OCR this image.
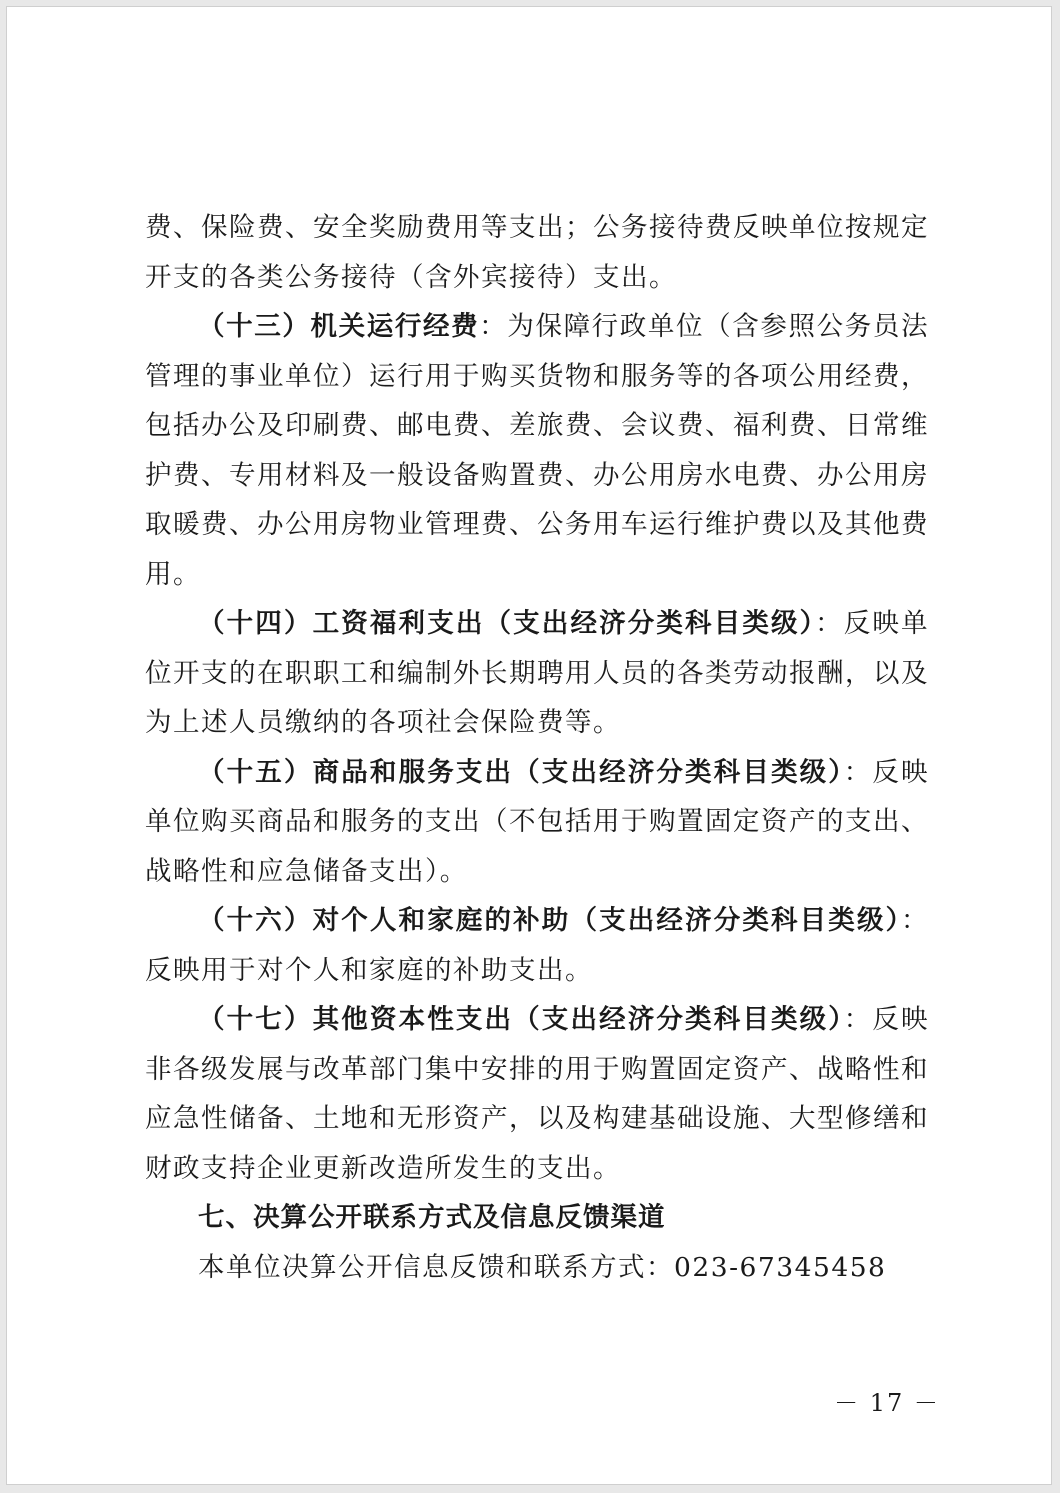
费、保险费、安全奖励费用等支出；公务接待费反映单位按规定开支的各类公务接待（含外宾接待）支出。

（十三）机关运行经费：为保障行政单位（含参照公务员法管理的事业单位）运行用于购买货物和服务等的各项公用经费，包括办公及印刷费、邮电费、差旅费、会议费、福利费、日常维护费、专用材料及一般设备购置费、办公用房水电费、办公用房取暖费、办公用房物业管理费、公务用车运行维护费以及其他费用。

（十四）工资福利支出（支出经济分类科目类级）：反映单位开支的在职职工和编制外长期聘用人员的各类劳动报酬，以及为上述人员缴纳的各项社会保险费等。

（十五）商品和服务支出（支出经济分类科目类级）：反映单位购买商品和服务的支出（不包括用于购置固定资产的支出、战略性和应急储备支出）。

（十六）对个人和家庭的补助（支出经济分类科目类级）：反映用于对个人和家庭的补助支出。

（十七）其他资本性支出（支出经济分类科目类级）：反映非各级发展与改革部门集中安排的用于购置固定资产、战略性和应急性储备、土地和无形资产，以及构建基础设施、大型修缮和财政支持企业更新改造所发生的支出。

七、决算公开联系方式及信息反馈渠道

本单位决算公开信息反馈和联系方式：023-67345458

－ 17 －
